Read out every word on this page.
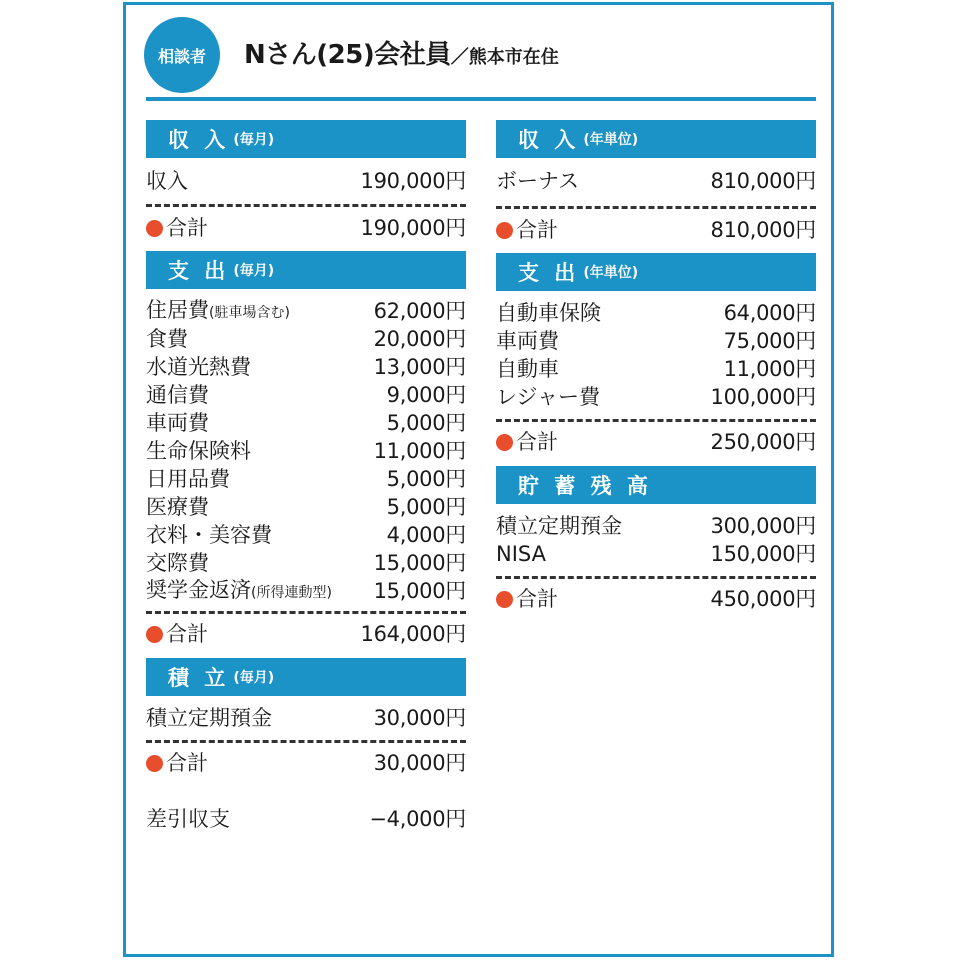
相談者	Nさん(25)会社員／熊本市在住
収 入 (毎月)
収入	190,000円
合計	190,000円
支 出 (毎月)
住居費(駐車場含む)	62,000円
食費	20,000円
水道光熱費	13,000円
通信費	9,000円
車両費	5,000円
生命保険料	11,000円
日用品費	5,000円
医療費	5,000円
衣料・美容費	4,000円
交際費	15,000円
奨学金返済(所得連動型) 15,000円
合計	164,000円
積 立 (毎月)
積立定期預金	30,000円
合計	30,000円
差引収支	−4,000円
収 入 (年単位)
ボーナス	810,000円
合計	810,000円
支 出 (年単位)
自動車保険	64,000円
車両費	75,000円
自動車	11,000円
レジャー費	100,000円
合計	250,000円
貯 蓄 残 高
積立定期預金	300,000円
NISA	150,000円
合計	450,000円
